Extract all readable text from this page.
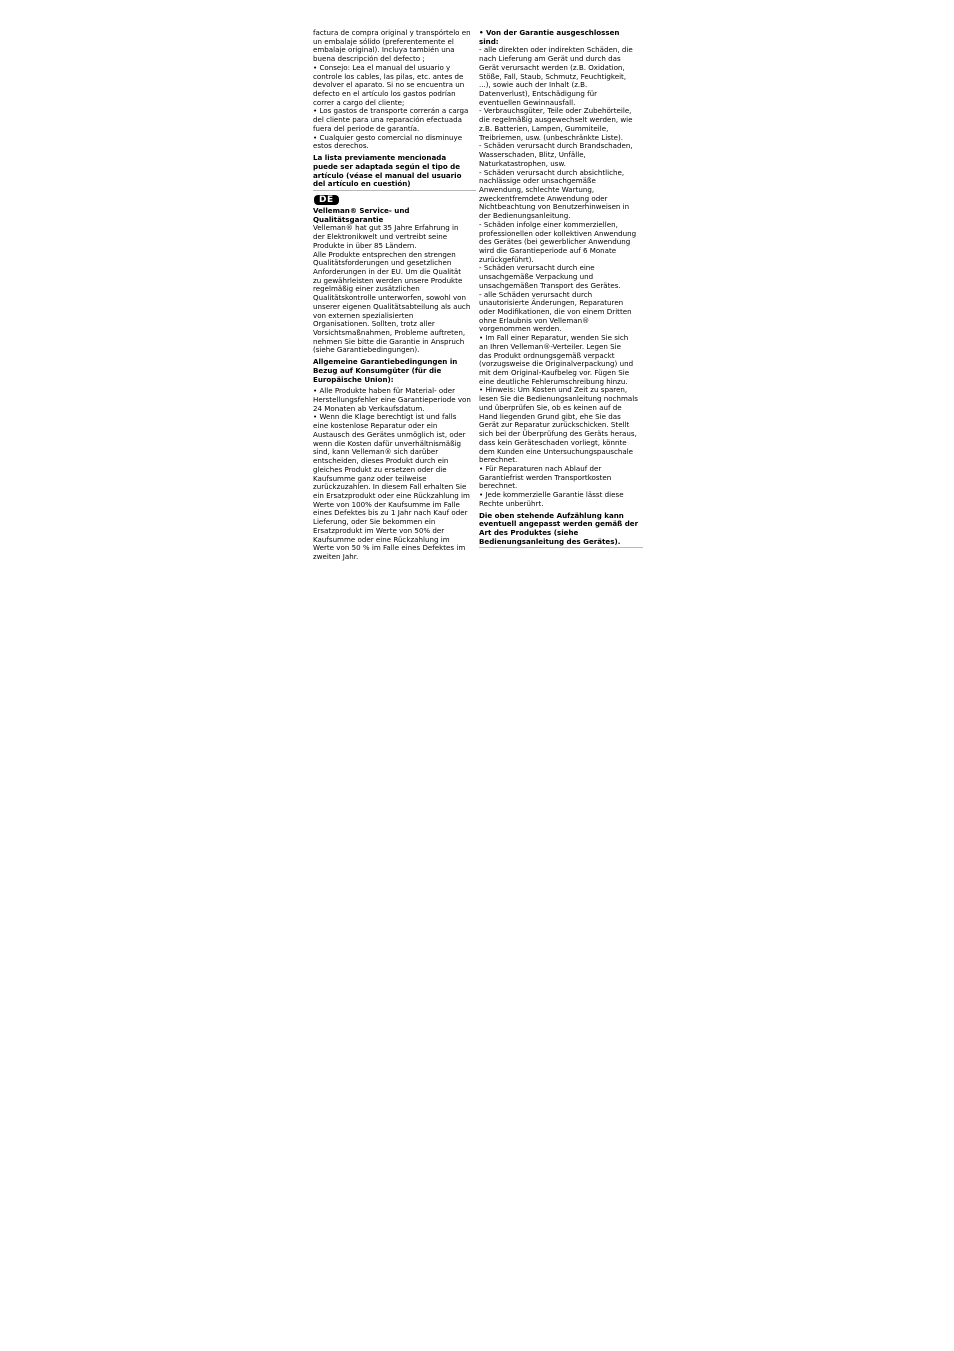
factura de compra original y transpórtelo en
un embalaje sólido (preferentemente el
embalaje original). Incluya también una
buena descripción del defecto ;
• Consejo: Lea el manual del usuario y
controle los cables, las pilas, etc. antes de
devolver el aparato. Si no se encuentra un
defecto en el artículo los gastos podrían
correr a cargo del cliente;
• Los gastos de transporte correrán a carga
del cliente para una reparación efectuada
fuera del periode de garantía.
• Cualquier gesto comercial no disminuye
estos derechos.
La lista previamente mencionada
puede ser adaptada según el tipo de
artículo (véase el manual del usuario
del artículo en cuestión)
DE
Velleman® Service- und
Qualitätsgarantie
Velleman® hat gut 35 Jahre Erfahrung in
der Elektronikwelt und vertreibt seine
Produkte in über 85 Ländern.
Alle Produkte entsprechen den strengen
Qualitätsforderungen und gesetzlichen
Anforderungen in der EU. Um die Qualität
zu gewährleisten werden unsere Produkte
regelmäßig einer zusätzlichen
Qualitätskontrolle unterworfen, sowohl von
unserer eigenen Qualitätsabteilung als auch
von externen spezialisierten
Organisationen. Sollten, trotz aller
Vorsichtsmaßnahmen, Probleme auftreten,
nehmen Sie bitte die Garantie in Anspruch
(siehe Garantiebedingungen).
Allgemeine Garantiebedingungen in
Bezug auf Konsumgüter (für die
Europäische Union):
• Alle Produkte haben für Material- oder
Herstellungsfehler eine Garantieperiode von
24 Monaten ab Verkaufsdatum.
• Wenn die Klage berechtigt ist und falls
eine kostenlose Reparatur oder ein
Austausch des Gerätes unmöglich ist, oder
wenn die Kosten dafür unverhältnismäßig
sind, kann Velleman® sich darüber
entscheiden, dieses Produkt durch ein
gleiches Produkt zu ersetzen oder die
Kaufsumme ganz oder teilweise
zurückzuzahlen. In diesem Fall erhalten Sie
ein Ersatzprodukt oder eine Rückzahlung im
Werte von 100% der Kaufsumme im Falle
eines Defektes bis zu 1 Jahr nach Kauf oder
Lieferung, oder Sie bekommen ein
Ersatzprodukt im Werte von 50% der
Kaufsumme oder eine Rückzahlung im
Werte von 50 % im Falle eines Defektes im
zweiten Jahr.
• Von der Garantie ausgeschlossen
sind:
- alle direkten oder indirekten Schäden, die
nach Lieferung am Gerät und durch das
Gerät verursacht werden (z.B. Oxidation,
Stöße, Fall, Staub, Schmutz, Feuchtigkeit,
...), sowie auch der Inhalt (z.B.
Datenverlust), Entschädigung für
eventuellen Gewinnausfall.
- Verbrauchsgüter, Teile oder Zubehörteile,
die regelmäßig ausgewechselt werden, wie
z.B. Batterien, Lampen, Gummiteile,
Treibriemen, usw. (unbeschränkte Liste).
- Schäden verursacht durch Brandschaden,
Wasserschaden, Blitz, Unfälle,
Naturkatastrophen, usw.
- Schäden verursacht durch absichtliche,
nachlässige oder unsachgemäße
Anwendung, schlechte Wartung,
zweckentfremdete Anwendung oder
Nichtbeachtung von Benutzerhinweisen in
der Bedienungsanleitung.
- Schäden infolge einer kommerziellen,
professionellen oder kollektiven Anwendung
des Gerätes (bei gewerblicher Anwendung
wird die Garantieperiode auf 6 Monate
zurückgeführt).
- Schäden verursacht durch eine
unsachgemäße Verpackung und
unsachgemäßen Transport des Gerätes.
- alle Schäden verursacht durch
unautorisierte Änderungen, Reparaturen
oder Modifikationen, die von einem Dritten
ohne Erlaubnis von Velleman®
vorgenommen werden.
• Im Fall einer Reparatur, wenden Sie sich
an Ihren Velleman®-Verteiler. Legen Sie
das Produkt ordnungsgemäß verpackt
(vorzugsweise die Originalverpackung) und
mit dem Original-Kaufbeleg vor. Fügen Sie
eine deutliche Fehlerumschreibung hinzu.
• Hinweis: Um Kosten und Zeit zu sparen,
lesen Sie die Bedienungsanleitung nochmals
und überprüfen Sie, ob es keinen auf de
Hand liegenden Grund gibt, ehe Sie das
Gerät zur Reparatur zurückschicken. Stellt
sich bei der Überprüfung des Geräts heraus,
dass kein Geräteschaden vorliegt, könnte
dem Kunden eine Untersuchungspauschale
berechnet.
• Für Reparaturen nach Ablauf der
Garantiefrist werden Transportkosten
berechnet.
• Jede kommerzielle Garantie lässt diese
Rechte unberührt.
Die oben stehende Aufzählung kann
eventuell angepasst werden gemäß der
Art des Produktes (siehe
Bedienungsanleitung des Gerätes).
